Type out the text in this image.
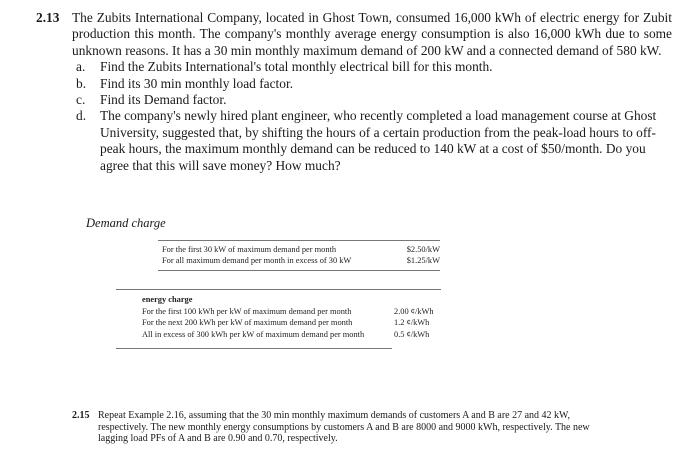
2.13 The Zubits International Company, located in Ghost Town, consumed 16,000 kWh of electric energy for Zubit production this month. The company's monthly average energy consumption is also 16,000 kWh due to some unknown reasons. It has a 30 min monthly maximum demand of 200 kW and a connected demand of 580 kW.
a.	Find the Zubits International's total monthly electrical bill for this month.
b.	Find its 30 min monthly load factor.
c.	Find its Demand factor.
d.	The company's newly hired plant engineer, who recently completed a load management course at Ghost University, suggested that, by shifting the hours of a certain production from the peak-load hours to off-peak hours, the maximum monthly demand can be reduced to 140 kW at a cost of $50/month. Do you agree that this will save money? How much?
Demand charge
For the first 30 kW of maximum demand per month	$2.50/kW
For all maximum demand per month in excess of 30 kW	$1.25/kW
energy charge
For the first 100 kWh per kW of maximum demand per month	2.00 ¢/kWh
For the next 200 kWh per kW of maximum demand per month	1.2 ¢/kWh
All in excess of 300 kWh per kW of maximum demand per month	0.5 ¢/kWh
2.15 Repeat Example 2.16, assuming that the 30 min monthly maximum demands of customers A and B are 27 and 42 kW, respectively. The new monthly energy consumptions by customers A and B are 8000 and 9000 kWh, respectively. The new lagging load PFs of A and B are 0.90 and 0.70, respectively.
